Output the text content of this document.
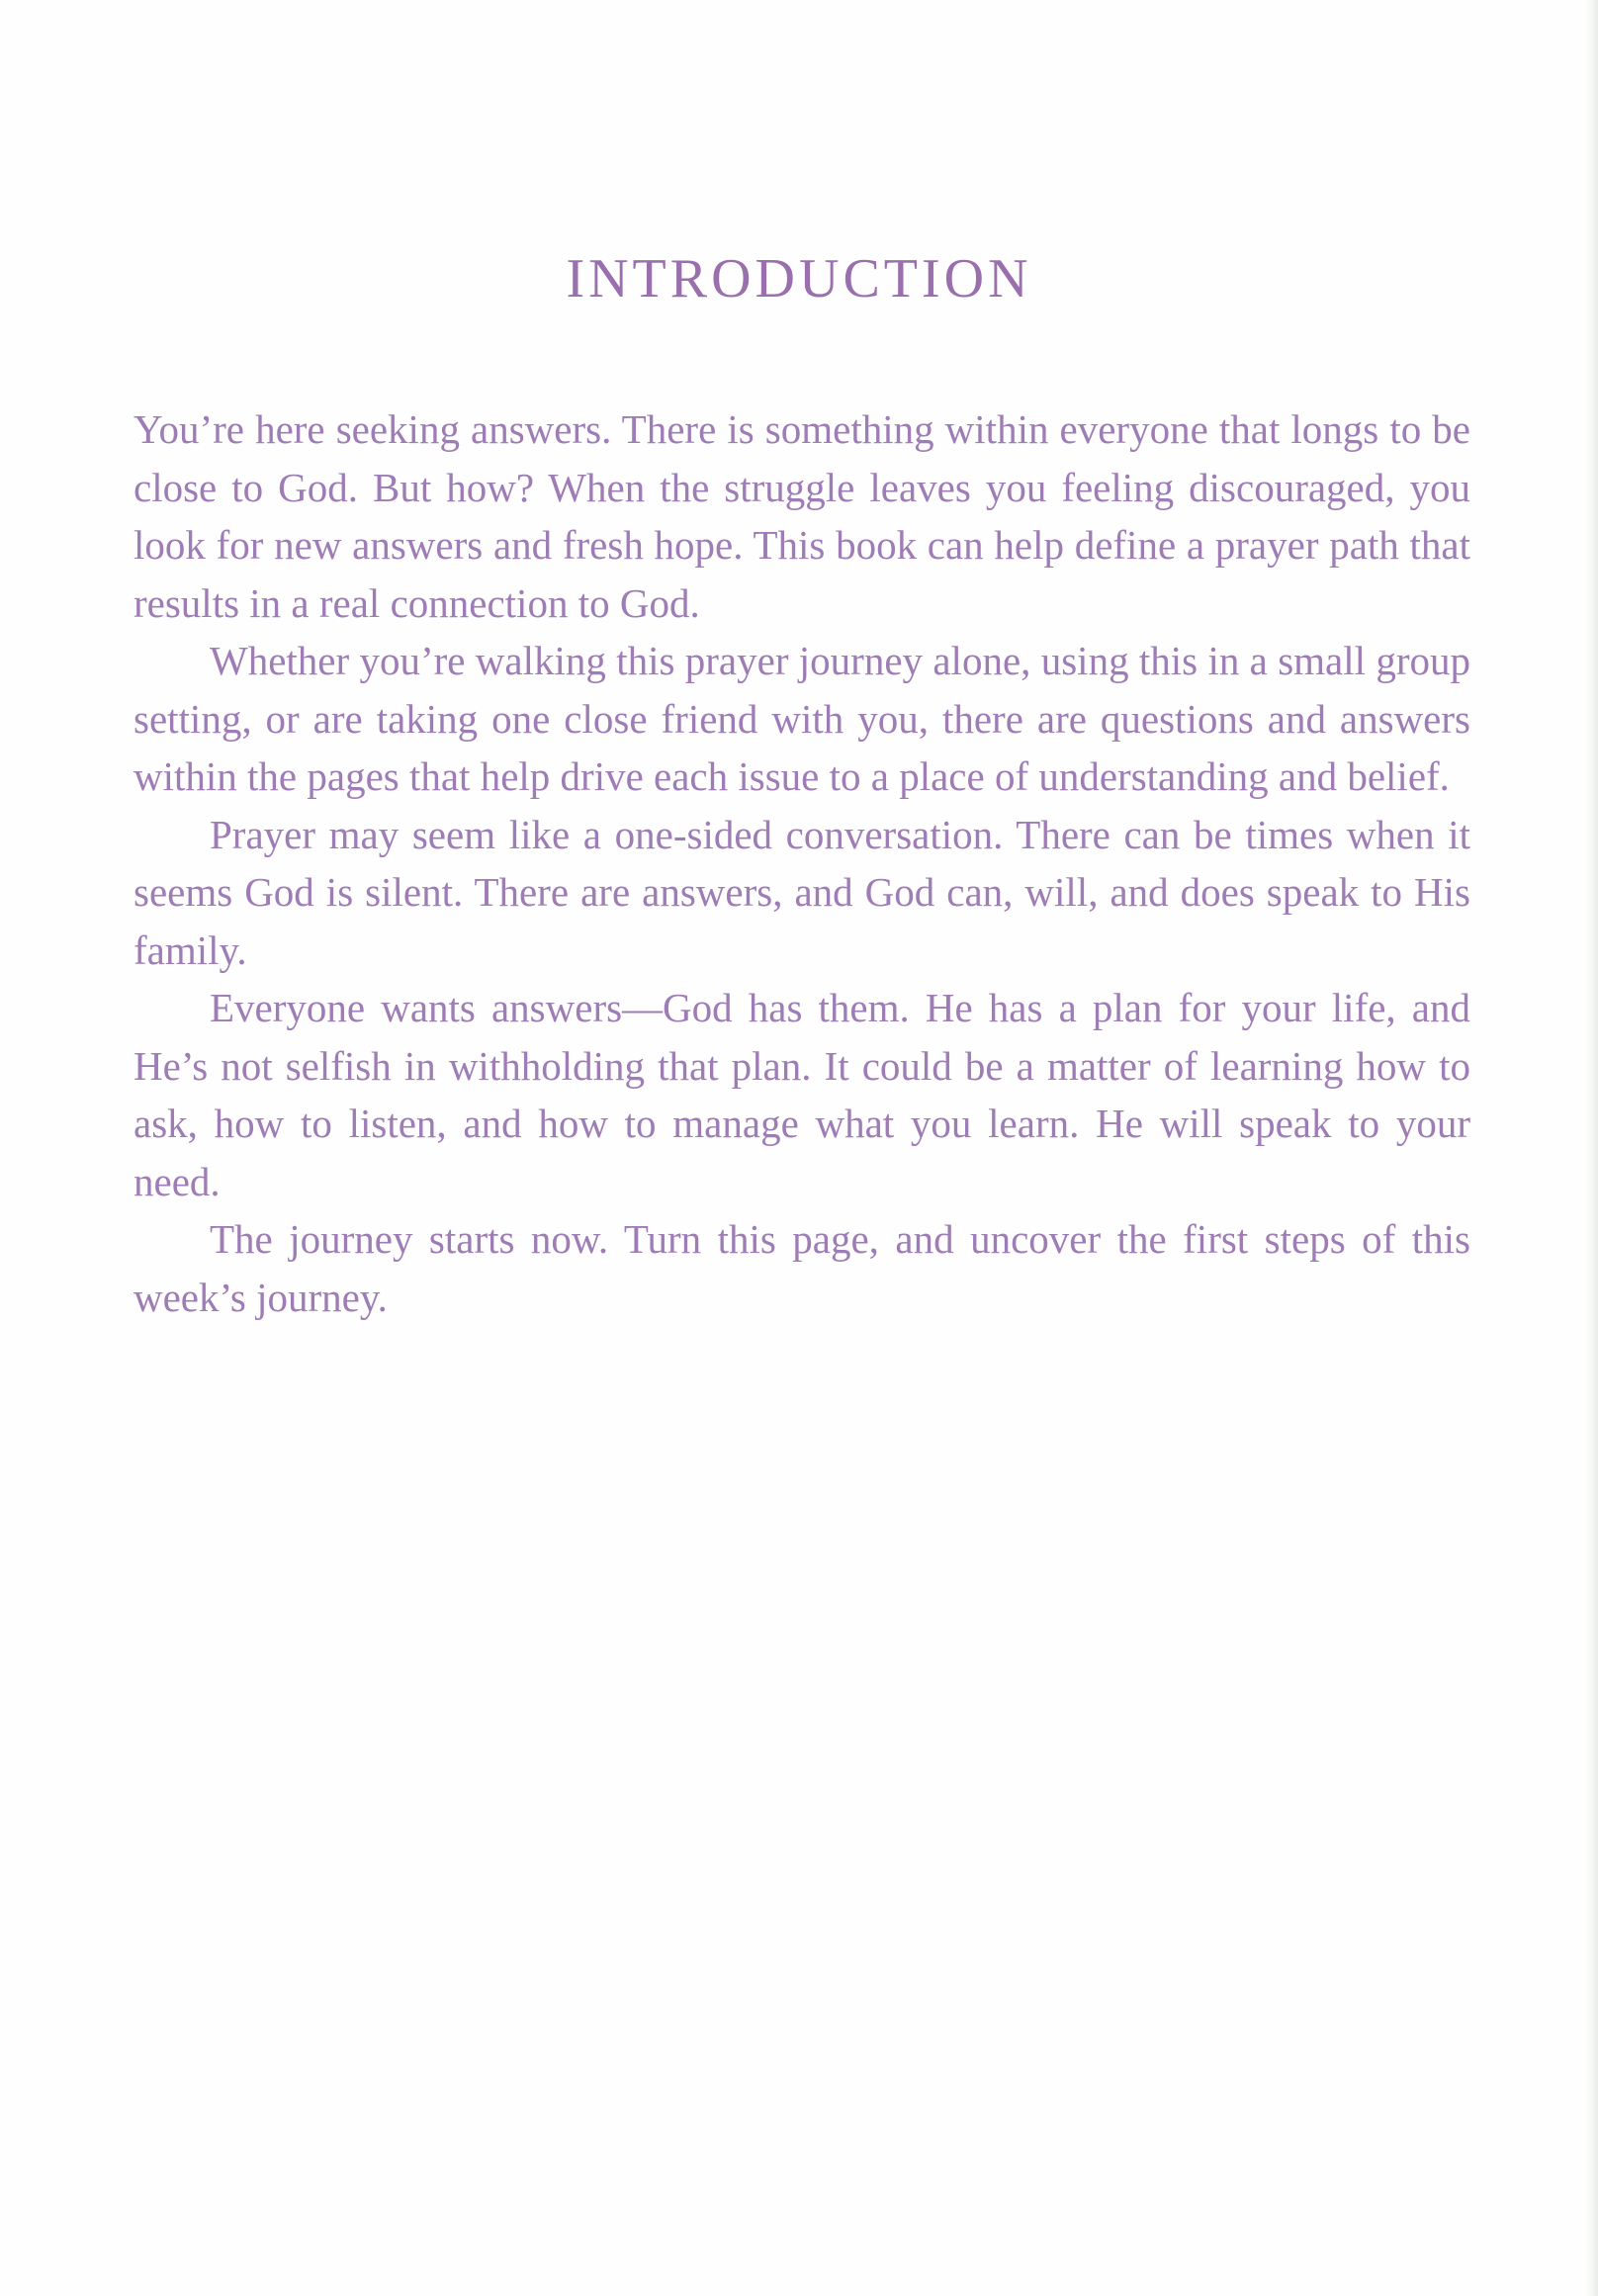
INTRODUCTION

You’re here seeking answers. There is something within everyone that longs to be close to God. But how? When the struggle leaves you feeling discouraged, you look for new answers and fresh hope. This book can help define a prayer path that results in a real connection to God.

Whether you’re walking this prayer journey alone, using this in a small group setting, or are taking one close friend with you, there are questions and answers within the pages that help drive each issue to a place of understanding and belief.

Prayer may seem like a one-sided conversation. There can be times when it seems God is silent. There are answers, and God can, will, and does speak to His family.

Everyone wants answers—God has them. He has a plan for your life, and He’s not selfish in withholding that plan. It could be a matter of learning how to ask, how to listen, and how to manage what you learn. He will speak to your need.

The journey starts now. Turn this page, and uncover the first steps of this week’s journey.
